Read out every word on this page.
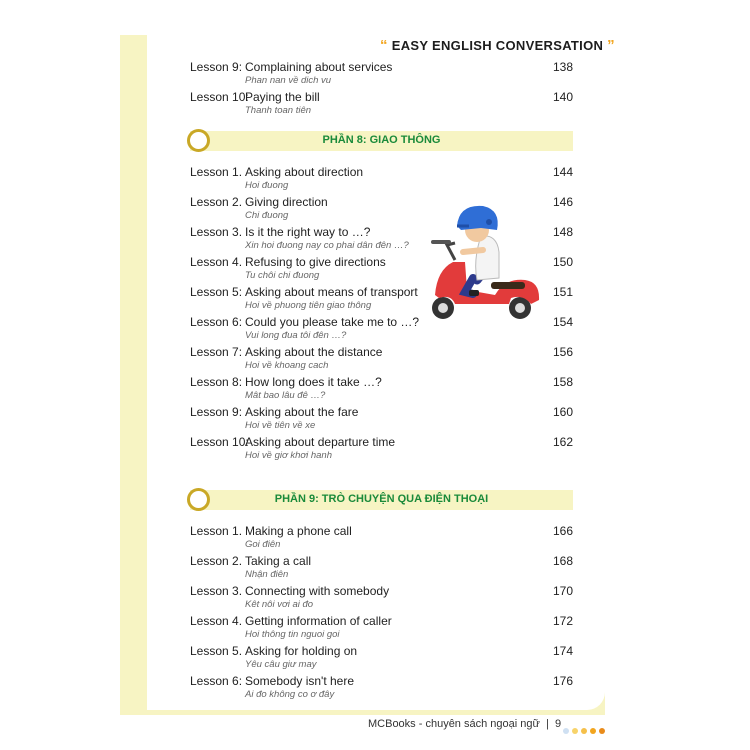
“ EASY ENGLISH CONVERSATION ”
Lesson 9: Complaining about services	138
Phan nan về dich vu
Lesson 10:
Paying the bill	140
Thanh toan tiên
PHẦN 8: GIAO THÔNG
Lesson 1. Asking about direction	144
Hoi đuong
Lesson 2. Giving direction	146
Chi đuong
Lesson 3. Is it the right way to …?	148
Xin hoi đuong nay co phai dân đên …?
Lesson 4. Refusing to give directions	150
Tu chôi chi đuong
Lesson 5: Asking about means of transport	151
Hoi về phuong tiên giao thông
Lesson 6: Could you please take me to …?	154
Vui long đua tôi đên …?
Lesson 7: Asking about the distance	156
Hoi về khoang cach
Lesson 8: How long does it take …?	158
Mât bao lâu đê …?
Lesson 9: Asking about the fare	160
Hoi về tiên về xe
Lesson 10:
Asking about departure time	162
Hoi về giơ khơi hanh
PHẦN 9: TRÒ CHUYỆN QUA ĐIỆN THOẠI
Lesson 1. Making a phone call	166
Goi điên
Lesson 2. Taking a call	168
Nhận điên
Lesson 3. Connecting with somebody	170
Kêt nôi vơi ai đo
Lesson 4. Getting information of caller	172
Hoi thông tin nguoi goi
Lesson 5. Asking for holding on	174
Yêu câu giư may
Lesson 6: Somebody isn't here	176
Ai đo không co ơ đây
MCBooks - chuyên sách ngoại ngữ  |  9
